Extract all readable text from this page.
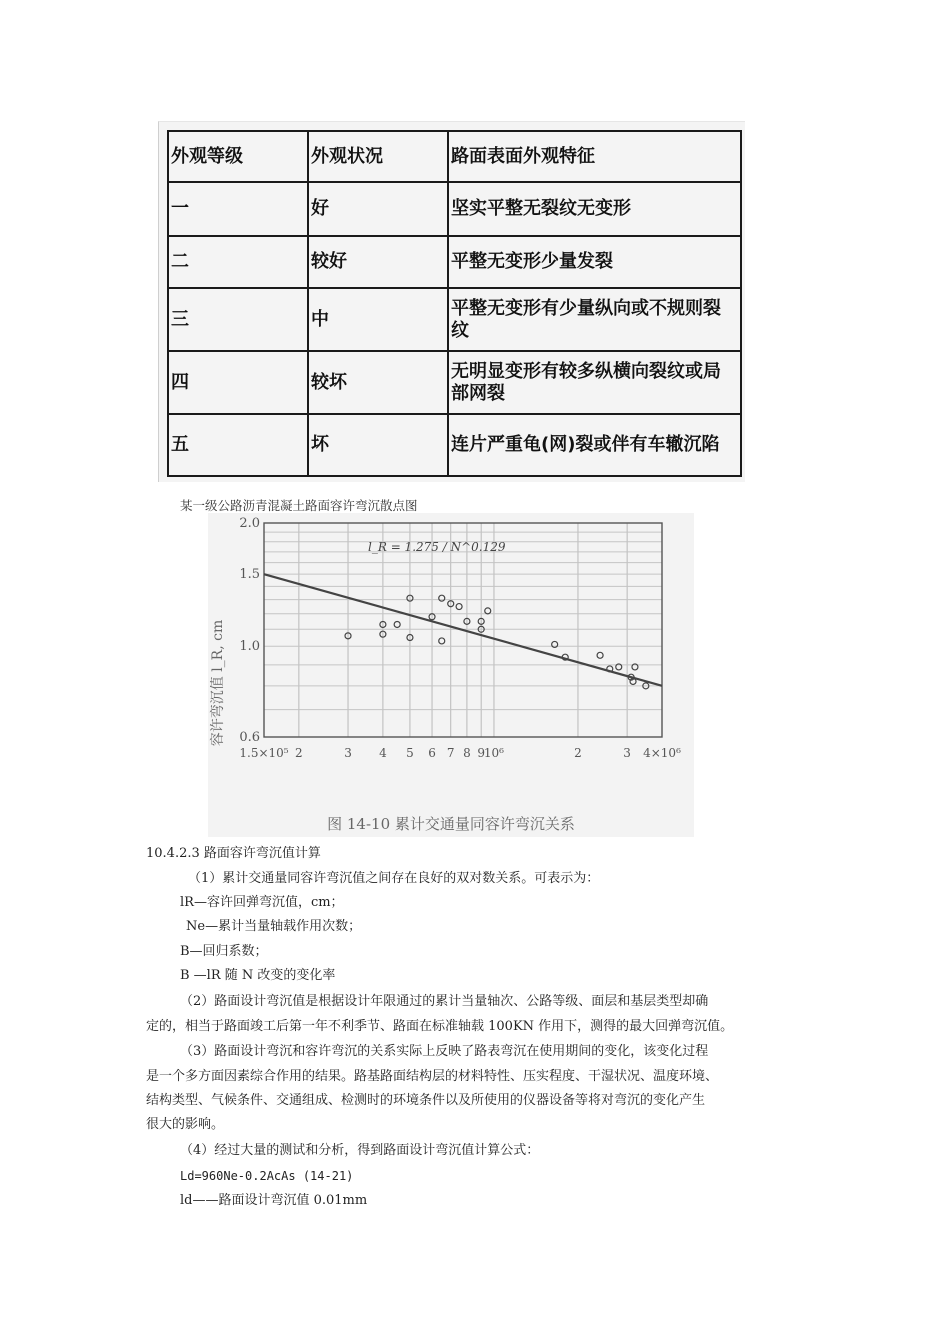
外观等级	外观状况	路面表面外观特征
一	好	坚实平整无裂纹无变形
二	较好	平整无变形少量发裂
三	中	平整无变形有少量纵向或不规则裂纹
四	较坏	无明显变形有较多纵横向裂纹或局部网裂
五	坏	连片严重龟(网)裂或伴有车辙沉陷
某一级公路沥青混凝土路面容许弯沉散点图
2.0
1.5
1.0
0.6
1.5×10⁵ 2	3 4 5 6 7 8 9
10⁶	2	3 4×10⁶
容许弯沉值 l_R, cm
l_R = 1.275 / N^0.129
图 14-10 累计交通量同容许弯沉关系
10.4.2.3 路面容许弯沉值计算
（1）累计交通量同容许弯沉值之间存在良好的双对数关系。可表示为：
lR—容许回弹弯沉值，cm；
Ne—累计当量轴载作用次数；
B—回归系数；
B —lR 随 N 改变的变化率
（2）路面设计弯沉值是根据设计年限通过的累计当量轴次、公路等级、面层和基层类型却确
定的，相当于路面竣工后第一年不利季节、路面在标准轴载 100KN 作用下，测得的最大回弹弯沉值。
（3）路面设计弯沉和容许弯沉的关系实际上反映了路表弯沉在使用期间的变化，该变化过程
是一个多方面因素综合作用的结果。路基路面结构层的材料特性、压实程度、干湿状况、温度环境、
结构类型、气候条件、交通组成、检测时的环境条件以及所使用的仪器设备等将对弯沉的变化产生
很大的影响。
（4）经过大量的测试和分析，得到路面设计弯沉值计算公式：
Ld=960Ne-0.2AcAs (14-21)
ld——路面设计弯沉值 0.01mm
